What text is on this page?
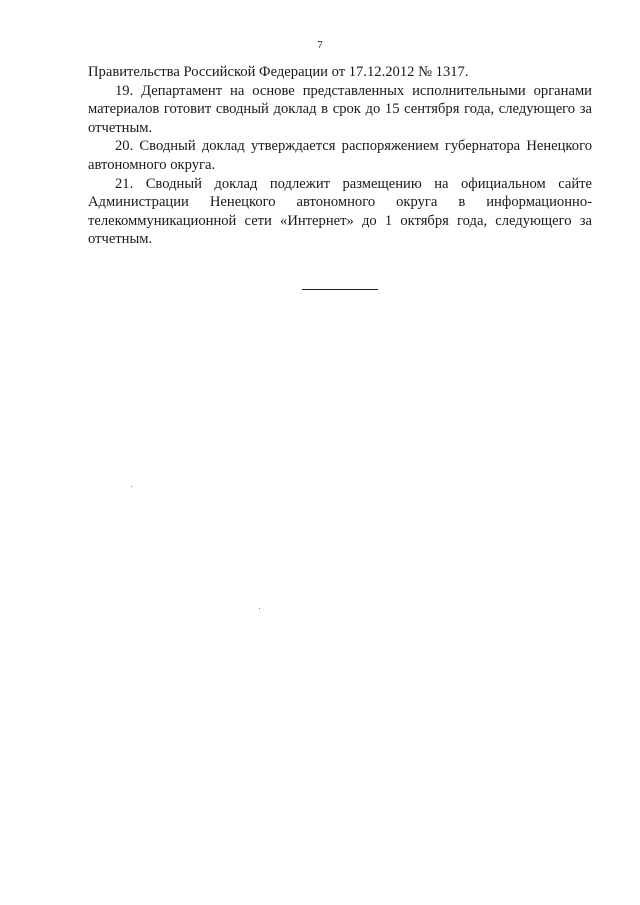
7

Правительства Российской Федерации от 17.12.2012 № 1317.

19. Департамент на основе представленных исполнительными органами материалов готовит сводный доклад в срок до 15 сентября года, следующего за отчетным.

20. Сводный доклад утверждается распоряжением губернатора Ненецкого автономного округа.

21. Сводный доклад подлежит размещению на официальном сайте Администрации Ненецкого автономного округа в информационно-телекоммуникационной сети «Интернет» до 1 октября года, следующего за отчетным.
